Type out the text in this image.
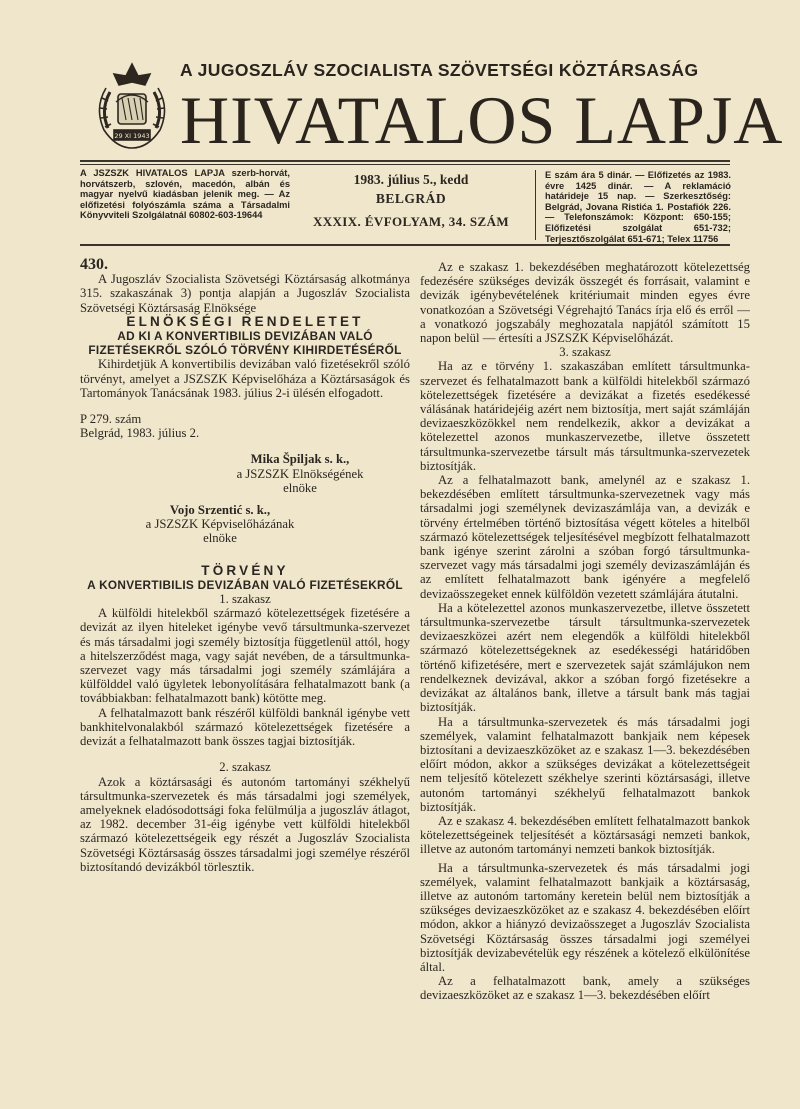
29 XI 1943
A JUGOSZLÁV SZOCIALISTA SZÖVETSÉGI KÖZTÁRSASÁG
HIVATALOS LAPJA
A JSZSZK HIVATALOS LAPJA szerb-horvát, horvátszerb, szlovén, macedón, albán és magyar nyelvű kiadásban jelenik meg. — Az előfizetési folyószámla száma a Társadalmi Könyvviteli Szolgálatnál 60802-603-19644
1983. július 5., kedd
BELGRÁD
XXXIX. ÉVFOLYAM, 34. SZÁM
E szám ára 5 dinár. — Előfizetés az 1983. évre 1425 dinár. — A reklamáció határideje 15 nap. — Szerkesztőség: Belgrád, Jovana Ristića 1. Postafiók 226. — Telefonszámok: Központ: 650-155; Előfizetési szolgálat 651-732; Terjesztőszolgálat 651-671; Telex 11756

430.

A Jugoszláv Szocialista Szövetségi Köztársaság alkotmánya 315. szakaszának 3) pontja alapján a Jugoszláv Szocialista Szövetségi Köztársaság Elnöksége

ELNÖKSÉGI RENDELETET

AD KI A KONVERTIBILIS DEVIZÁBAN VALÓ FIZETÉSEKRŐL SZÓLÓ TÖRVÉNY KIHIRDETÉSÉRŐL

Kihirdetjük A konvertibilis devizában való fizetésekről szóló törvényt, amelyet a JSZSZK Képviselőháza a Köztársaságok és Tartományok Tanácsának 1983. július 2-i ülésén elfogadott.

P 279. szám

Belgrád, 1983. július 2.

Mika Špiljak s. k.,

a JSZSZK Elnökségének

elnöke

Vojo Srzentić s. k.,

a JSZSZK Képviselőházának

elnöke

TÖRVÉNY

A KONVERTIBILIS DEVIZÁBAN VALÓ FIZETÉSEKRŐL

1. szakasz

A külföldi hitelekből származó kötelezettségek fizetésére a devizát az ilyen hiteleket igénybe vevő társultmunka-szervezet és más társadalmi jogi személy biztosítja függetlenül attól, hogy a hitelszerződést maga, vagy saját nevében, de a társultmunka-szervezet vagy más társadalmi jogi személy számlájára a külfölddel való ügyletek lebonyolítására felhatalmazott bank (a továbbiakban: felhatalmazott bank) kötötte meg.

A felhatalmazott bank részéről külföldi banknál igénybe vett bankhitelvonalakból származó kötelezettségek fizetésére a devizát a felhatalmazott bank összes tagjai biztosítják.

2. szakasz

Azok a köztársasági és autonóm tartományi székhelyű társultmunka-szervezetek és más társadalmi jogi személyek, amelyeknek eladósodottsági foka felülmúlja a jugoszláv átlagot, az 1982. december 31-éig igénybe vett külföldi hitelekből származó kötelezettségeik egy részét a Jugoszláv Szocialista Szövetségi Köztársaság összes társadalmi jogi személye részéről biztosítandó devizákból törlesztik.

Az e szakasz 1. bekezdésében meghatározott kötelezettség fedezésére szükséges devizák összegét és forrásait, valamint e devizák igénybevételének kritériumait minden egyes évre vonatkozóan a Szövetségi Végrehajtó Tanács írja elő és erről — a vonatkozó jogszabály meghozatala napjától számított 15 napon belül — értesíti a JSZSZK Képviselőházát.

3. szakasz

Ha az e törvény 1. szakaszában említett társultmunka-szervezet és felhatalmazott bank a külföldi hitelekből származó kötelezettségek fizetésére a devizákat a fizetés esedékessé válásának határidejéig azért nem biztosítja, mert saját számláján devizaeszközökkel nem rendelkezik, akkor a devizákat a kötelezettel azonos munkaszervezetbe, illetve összetett társultmunka-szervezetbe társult más társultmunka-szervezetek biztosítják.

Az a felhatalmazott bank, amelynél az e szakasz 1. bekezdésében említett társultmunka-szervezetnek vagy más társadalmi jogi személynek devizaszámlája van, a devizák e törvény értelmében történő biztosítása végett köteles a hitelből származó kötelezettségek teljesítésével megbízott felhatalmazott bank igénye szerint zárolni a szóban forgó társultmunka-szervezet vagy más társadalmi jogi személy devizaszámláján és az említett felhatalmazott bank igényére a megfelelő devizaösszegeket ennek külföldön vezetett számlájára átutalni.

Ha a kötelezettel azonos munkaszervezetbe, illetve összetett társultmunka-szervezetbe társult társultmunka-szervezetek devizaeszközei azért nem elegendők a külföldi hitelekből származó kötelezettségeknek az esedékességi határidőben történő kifizetésére, mert e szervezetek saját számlájukon nem rendelkeznek devizával, akkor a szóban forgó fizetésekre a devizákat az általános bank, illetve a társult bank más tagjai biztosítják.

Ha a társultmunka-szervezetek és más társadalmi jogi személyek, valamint felhatalmazott bankjaik nem képesek biztosítani a devizaeszközöket az e szakasz 1—3. bekezdésében előírt módon, akkor a szükséges devizákat a kötelezettségeit nem teljesítő kötelezett székhelye szerinti köztársasági, illetve autonóm tartományi székhelyű felhatalmazott bankok biztosítják.

Az e szakasz 4. bekezdésében említett felhatalmazott bankok kötelezettségeinek teljesítését a köztársasági nemzeti bankok, illetve az autonóm tartományi nemzeti bankok biztosítják.

Ha a társultmunka-szervezetek és más társadalmi jogi személyek, valamint felhatalmazott bankjaik a köztársaság, illetve az autonóm tartomány keretein belül nem biztosítják a szükséges devizaeszközöket az e szakasz 4. bekezdésében előírt módon, akkor a hiányzó devizaösszeget a Jugoszláv Szocialista Szövetségi Köztársaság összes társadalmi jogi személyei biztosítják devizabevételük egy részének a kötelező elkülönítése által.

Az a felhatalmazott bank, amely a szükséges devizaeszközöket az e szakasz 1—3. bekezdésében előírt
